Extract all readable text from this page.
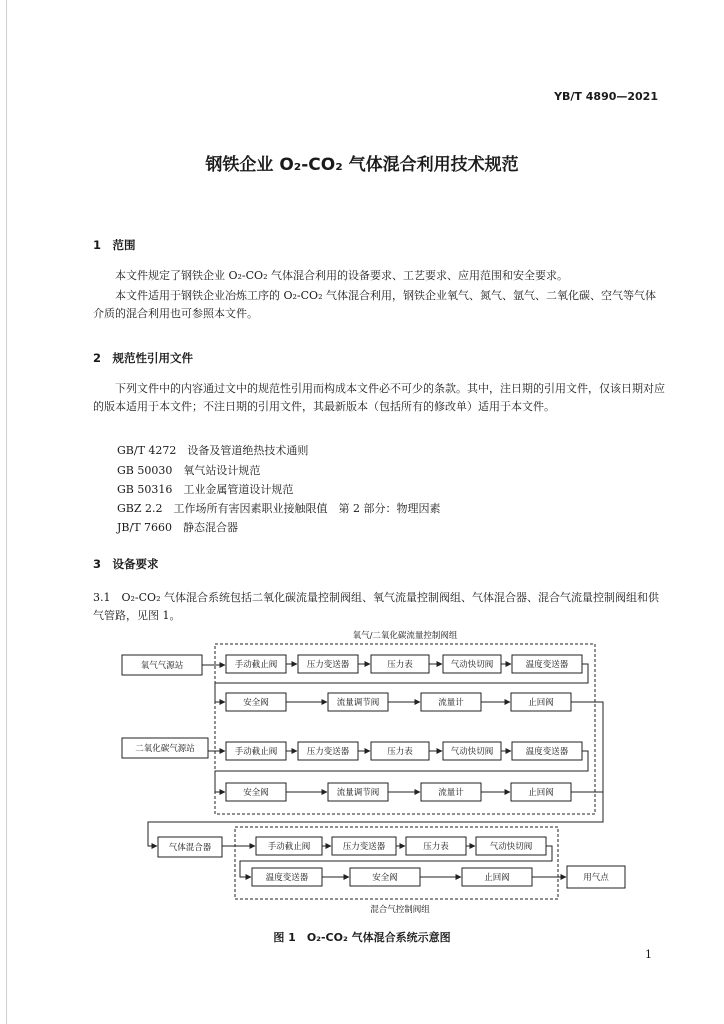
YB/T 4890—2021
钢铁企业 O₂-CO₂ 气体混合利用技术规范
1　范围
　　本文件规定了钢铁企业 O₂-CO₂ 气体混合利用的设备要求、工艺要求、应用范围和安全要求。
　　本文件适用于钢铁企业冶炼工序的 O₂-CO₂ 气体混合利用，钢铁企业氧气、氮气、氩气、二氧化碳、空气等气体介质的混合利用也可参照本文件。
2　规范性引用文件
　　下列文件中的内容通过文中的规范性引用而构成本文件必不可少的条款。其中，注日期的引用文件，仅该日期对应的版本适用于本文件；不注日期的引用文件，其最新版本（包括所有的修改单）适用于本文件。
GB/T 4272　设备及管道绝热技术通则
GB 50030　氧气站设计规范
GB 50316　工业金属管道设计规范
GBZ 2.2　工作场所有害因素职业接触限值　第 2 部分：物理因素
JB/T 7660　静态混合器
3　设备要求
3.1　O₂-CO₂ 气体混合系统包括二氧化碳流量控制阀组、氧气流量控制阀组、气体混合器、混合气流量控制阀组和供气管路，见图 1。
氧气/二氧化碳流量控制阀组
混合气控制阀组
氧气气源站
二氧化碳气源站
手动截止阀	压力变送器	压力表	气动快切阀	温度变送器
安全阀	流量调节阀	流量计	止回阀
手动截止阀	压力变送器	压力表	气动快切阀	温度变送器
安全阀	流量调节阀	流量计	止回阀
气体混合器	手动截止阀	压力变送器	压力表	气动快切阀
温度变送器	安全阀	止回阀	用气点
图 1　O₂-CO₂ 气体混合系统示意图
1
